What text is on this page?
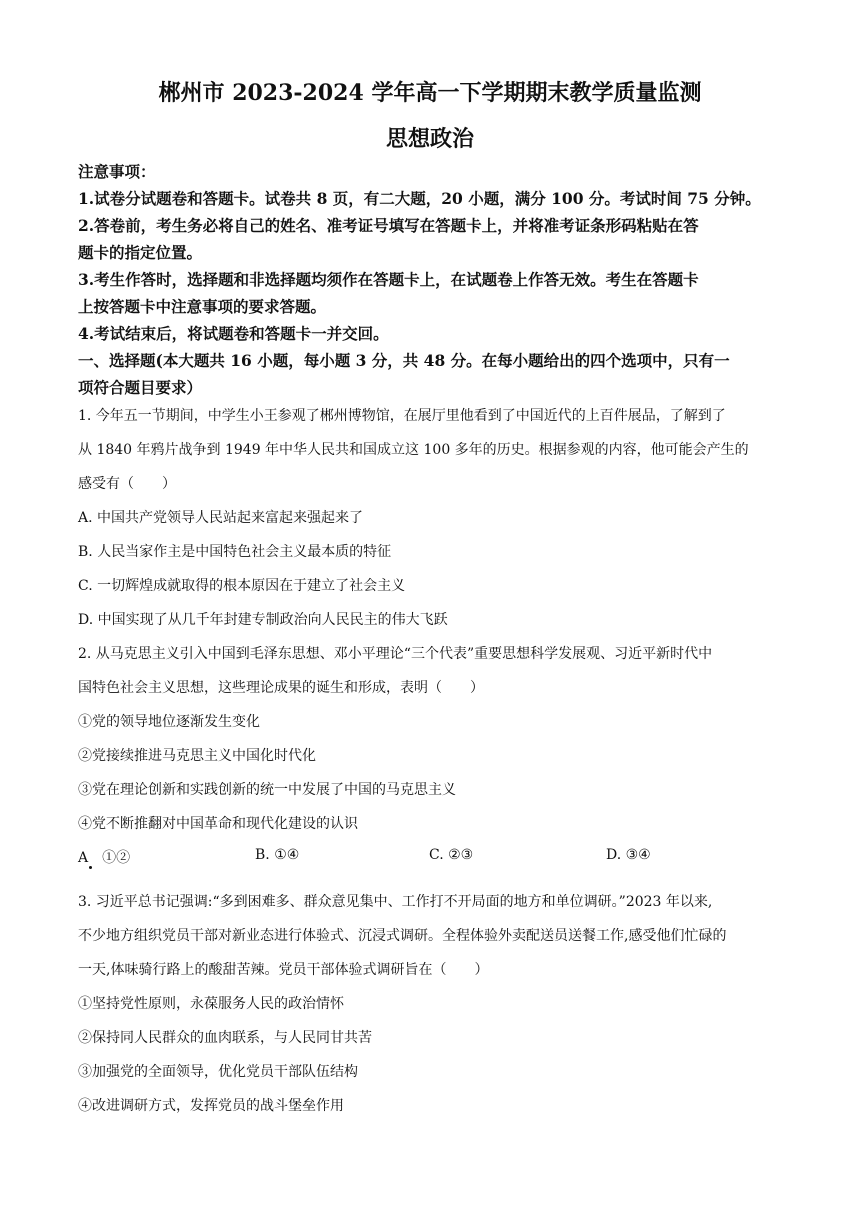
郴州市 2023-2024 学年高一下学期期末教学质量监测
思想政治
注意事项：
1.试卷分试题卷和答题卡。试卷共 8 页，有二大题，20 小题，满分 100 分。考试时间 75 分钟。
2.答卷前，考生务必将自己的姓名、准考证号填写在答题卡上，并将准考证条形码粘贴在答
题卡的指定位置。
3.考生作答时，选择题和非选择题均须作在答题卡上，在试题卷上作答无效。考生在答题卡
上按答题卡中注意事项的要求答题。
4.考试结束后，将试题卷和答题卡一并交回。
一、选择题(本大题共 16 小题，每小题 3 分，共 48 分。在每小题给出的四个选项中，只有一
项符合题目要求）
1. 今年五一节期间，中学生小王参观了郴州博物馆，在展厅里他看到了中国近代的上百件展品，了解到了
从 1840 年鸦片战争到 1949 年中华人民共和国成立这 100 多年的历史。根据参观的内容，他可能会产生的
感受有（　　）
A. 中国共产党领导人民站起来富起来强起来了
B. 人民当家作主是中国特色社会主义最本质的特征
C. 一切辉煌成就取得的根本原因在于建立了社会主义
D. 中国实现了从几千年封建专制政治向人民民主的伟大飞跃
2. 从马克思主义引入中国到毛泽东思想、邓小平理论“三个代表”重要思想科学发展观、习近平新时代中
国特色社会主义思想，这些理论成果的诞生和形成，表明（　　）
①党的领导地位逐渐发生变化
②党接续推进马克思主义中国化时代化
③党在理论创新和实践创新的统一中发展了中国的马克思主义
④党不断推翻对中国革命和现代化建设的认识
A　①②	B. ①④	C. ②③	D. ③④
3. 习近平总书记强调:“多到困难多、群众意见集中、工作打不开局面的地方和单位调研。”2023 年以来,
不少地方组织党员干部对新业态进行体验式、沉浸式调研。全程体验外卖配送员送餐工作,感受他们忙碌的
一天,体味骑行路上的酸甜苦辣。党员干部体验式调研旨在（　　）
①坚持党性原则，永葆服务人民的政治情怀
②保持同人民群众的血肉联系，与人民同甘共苦
③加强党的全面领导，优化党员干部队伍结构
④改进调研方式，发挥党员的战斗堡垒作用
